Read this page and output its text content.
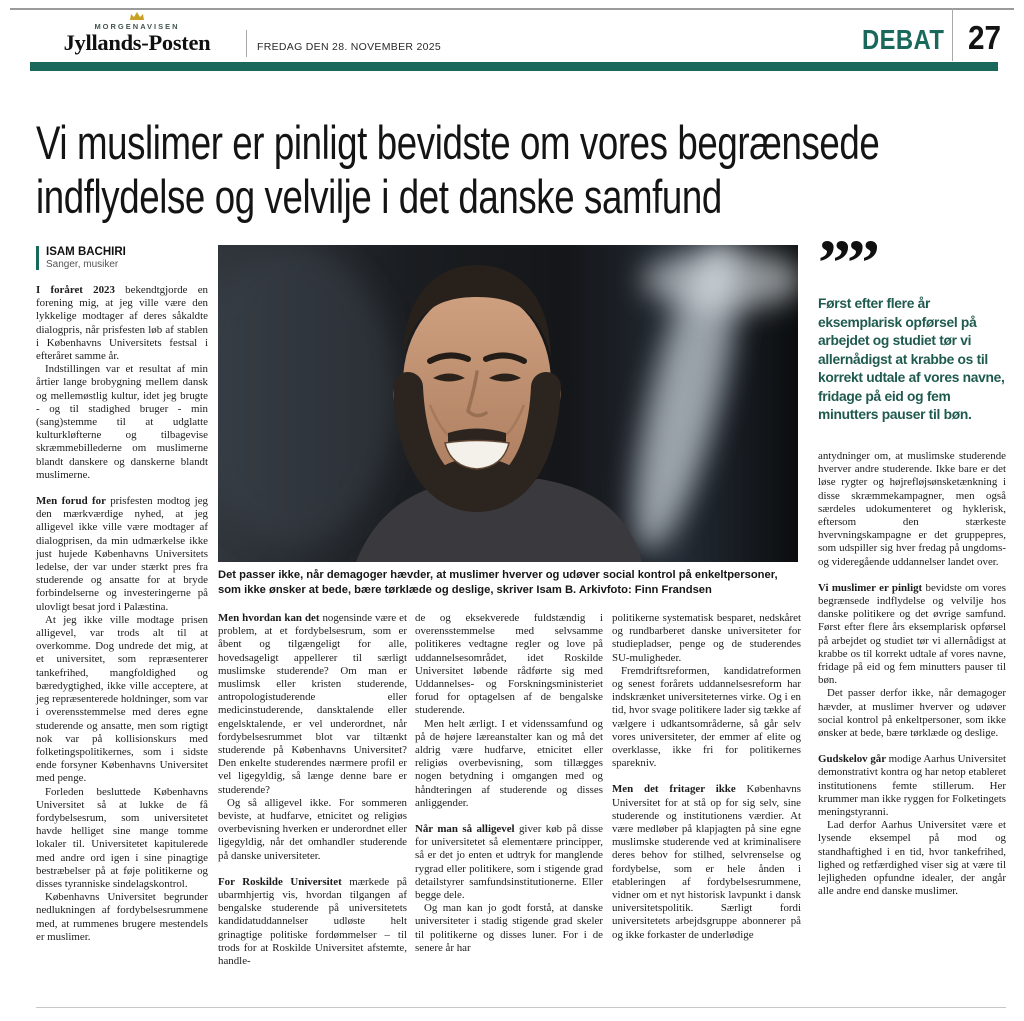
MORGENAVISEN
Jyllands-Posten	FREDAG DEN 28. NOVEMBER 2025	DEBAT 27
Vi muslimer er pinligt bevidste om vores begrænsede
indflydelse og velvilje i det danske samfund
ISAM BACHIRI
Sanger, musiker
Det passer ikke, når demagoger hævder, at muslimer hverver og udøver social kontrol på enkeltpersoner, som ikke ønsker at bede, bære tørklæde og deslige, skriver Isam B. Arkivfoto: Finn Frandsen
””
Først efter flere år eksemplarisk opførsel på arbejdet og studiet tør vi allernådigst at krabbe os til korrekt udtale af vores navne, fridage på eid og fem minutters pauser til bøn.

I foråret 2023 bekendtgjorde en forening mig, at jeg ville være den lykkelige modtager af deres såkaldte dialogpris, når prisfesten løb af stablen i Københavns Universitets festsal i efteråret samme år.

Indstillingen var et resultat af min årtier lange brobygning mellem dansk og mellemøstlig kultur, idet jeg brugte - og til stadighed bruger - min (sang)stemme til at udglatte kulturkløfterne og tilbagevise skræmmebillederne om muslimerne blandt danskere og danskerne blandt muslimerne.

Men forud for prisfesten modtog jeg den mærkværdige nyhed, at jeg alligevel ikke ville være modtager af dialogprisen, da min udmærkelse ikke just hujede Københavns Universitets ledelse, der var under stærkt pres fra studerende og ansatte for at bryde forbindelserne og investeringerne på ulovligt besat jord i Palæstina.

At jeg ikke ville modtage prisen alligevel, var trods alt til at overkomme. Dog undrede det mig, at et universitet, som repræsenterer tankefrihed, mangfoldighed og bæredygtighed, ikke ville acceptere, at jeg repræsenterede holdninger, som var i overensstemmelse med deres egne studerende og ansatte, men som rigtigt nok var på kollisionskurs med folketingspolitikernes, som i sidste ende forsyner Københavns Universitet med penge.

Forleden besluttede Københavns Universitet så at lukke de få fordybelsesrum, som universitetet havde helliget sine mange tomme lokaler til. Universitetet kapitulerede med andre ord igen i sine pinagtige bestræbelser på at føje politikerne og disses tyranniske sindelagskontrol.

Københavns Universitet begrunder nedlukningen af fordybelsesrummene med, at rummenes brugere mestendels er muslimer.

Men hvordan kan det nogensinde være et problem, at et fordybelsesrum, som er åbent og tilgængeligt for alle, hovedsageligt appellerer til særligt muslimske studerende? Om man er muslimsk eller kristen studerende, antropologistuderende eller medicinstuderende, dansktalende eller engelsktalende, er vel underordnet, når fordybelsesrummet blot var tiltænkt studerende på Københavns Universitet? Den enkelte studerendes nærmere profil er vel ligegyldig, så længe denne bare er studerende?

Og så alligevel ikke. For sommeren beviste, at hudfarve, etnicitet og religiøs overbevisning hverken er underordnet eller ligegyldig, når det omhandler studerende på danske universiteter.

For Roskilde Universitet mærkede på ubarmhjertig vis, hvordan tilgangen af bengalske studerende på universitetets kandidatuddannelser udløste helt grinagtige politiske fordømmelser – til trods for at Roskilde Universitet afstemte, handle-

de og eksekverede fuldstændig i overensstemmelse med selvsamme politikeres vedtagne regler og love på uddannelsesområdet, idet Roskilde Universitet løbende rådførte sig med Uddannelses- og Forskningsministeriet forud for optagelsen af de bengalske studerende.

Men helt ærligt. I et videnssamfund og på de højere læreanstalter kan og må det aldrig være hudfarve, etnicitet eller religiøs overbevisning, som tillægges nogen betydning i omgangen med og håndteringen af studerende og disses anliggender.

Når man så alligevel giver køb på disse for universitetet så elementære principper, så er det jo enten et udtryk for manglende rygrad eller politikere, som i stigende grad detailstyrer samfundsinstitutionerne. Eller begge dele.

Og man kan jo godt forstå, at danske universiteter i stadig stigende grad skeler til politikerne og disses luner. For i de senere år har

politikerne systematisk besparet, nedskåret og rundbarberet danske universiteter for studiepladser, penge og de studerendes SU-muligheder.

Fremdriftsreformen, kandidatreformen og senest forårets uddannelsesreform har indskrænket universiteternes virke. Og i en tid, hvor svage politikere lader sig tække af vælgere i udkantsområderne, så går selv vores universiteter, der emmer af elite og overklasse, ikke fri for politikernes sparekniv.

Men det fritager ikke Københavns Universitet for at stå op for sig selv, sine studerende og institutionens værdier. At være medløber på klapjagten på sine egne muslimske studerende ved at kriminalisere deres behov for stilhed, selvrenselse og fordybelse, som er hele ånden i etableringen af fordybelsesrummene, vidner om et nyt historisk lavpunkt i dansk universitetspolitik. Særligt fordi universitetets arbejdsgruppe abonnerer på og ikke forkaster de underlødige

antydninger om, at muslimske studerende hverver andre studerende. Ikke bare er det løse rygter og højrefløjsønsketænkning i disse skræmmekampagner, men også særdeles udokumenteret og hyklerisk, eftersom den stærkeste hvervningskampagne er det gruppepres, som udspiller sig hver fredag på ungdoms- og videregående uddannelser landet over.

Vi muslimer er pinligt bevidste om vores begrænsede indflydelse og velvilje hos danske politikere og det øvrige samfund. Først efter flere års eksemplarisk opførsel på arbejdet og studiet tør vi allernådigst at krabbe os til korrekt udtale af vores navne, fridage på eid og fem minutters pauser til bøn.

Det passer derfor ikke, når demagoger hævder, at muslimer hverver og udøver social kontrol på enkeltpersoner, som ikke ønsker at bede, bære tørklæde og deslige.

Gudskelov går modige Aarhus Universitet demonstrativt kontra og har netop etableret institutionens femte stillerum. Her krummer man ikke ryggen for Folketingets meningstyranni.

Lad derfor Aarhus Universitet være et lysende eksempel på mod og standhaftighed i en tid, hvor tankefrihed, lighed og retfærdighed viser sig at være til lejligheden opfundne idealer, der angår alle andre end danske muslimer.
